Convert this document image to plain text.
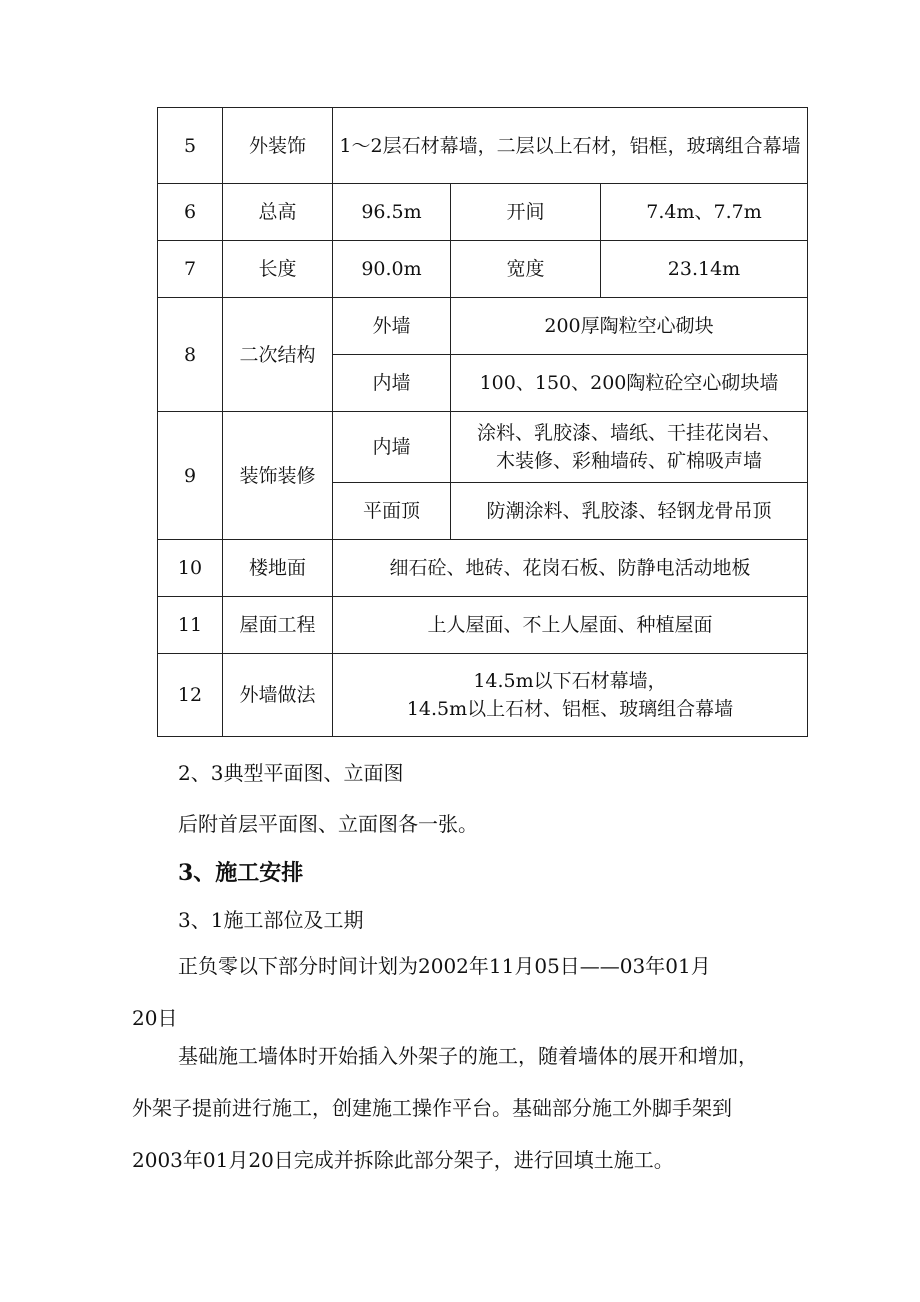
5	外装饰	1～2层石材幕墙，二层以上石材，铝框，玻璃组合幕墙		
6	总高	96.5m	开间	7.4m、7.7m
7	长度	90.0m	宽度	23.14m
8	二次结构	外墙	200厚陶粒空心砌块	
		内墙	100、150、200陶粒砼空心砌块墙	
9	装饰装修	内墙	涂料、乳胶漆、墙纸、干挂花岗岩、
木装修、彩釉墙砖、矿棉吸声墙	

		平面顶	防潮涂料、乳胶漆、轻钢龙骨吊顶	
10	楼地面	细石砼、地砖、花岗石板、防静电活动地板		
11	屋面工程	上人屋面、不上人屋面、种植屋面		
12	外墙做法	14.5m以下石材幕墙，
14.5m以上石材、铝框、玻璃组合幕墙		

2、3典型平面图、立面图

后附首层平面图、立面图各一张。

3、施工安排

3、1施工部位及工期

正负零以下部分时间计划为2002年11月05日——03年01月
20日
基础施工墙体时开始插入外架子的施工，随着墙体的展开和增加，
外架子提前进行施工，创建施工操作平台。基础部分施工外脚手架到
2003年01月20日完成并拆除此部分架子，进行回填土施工。
